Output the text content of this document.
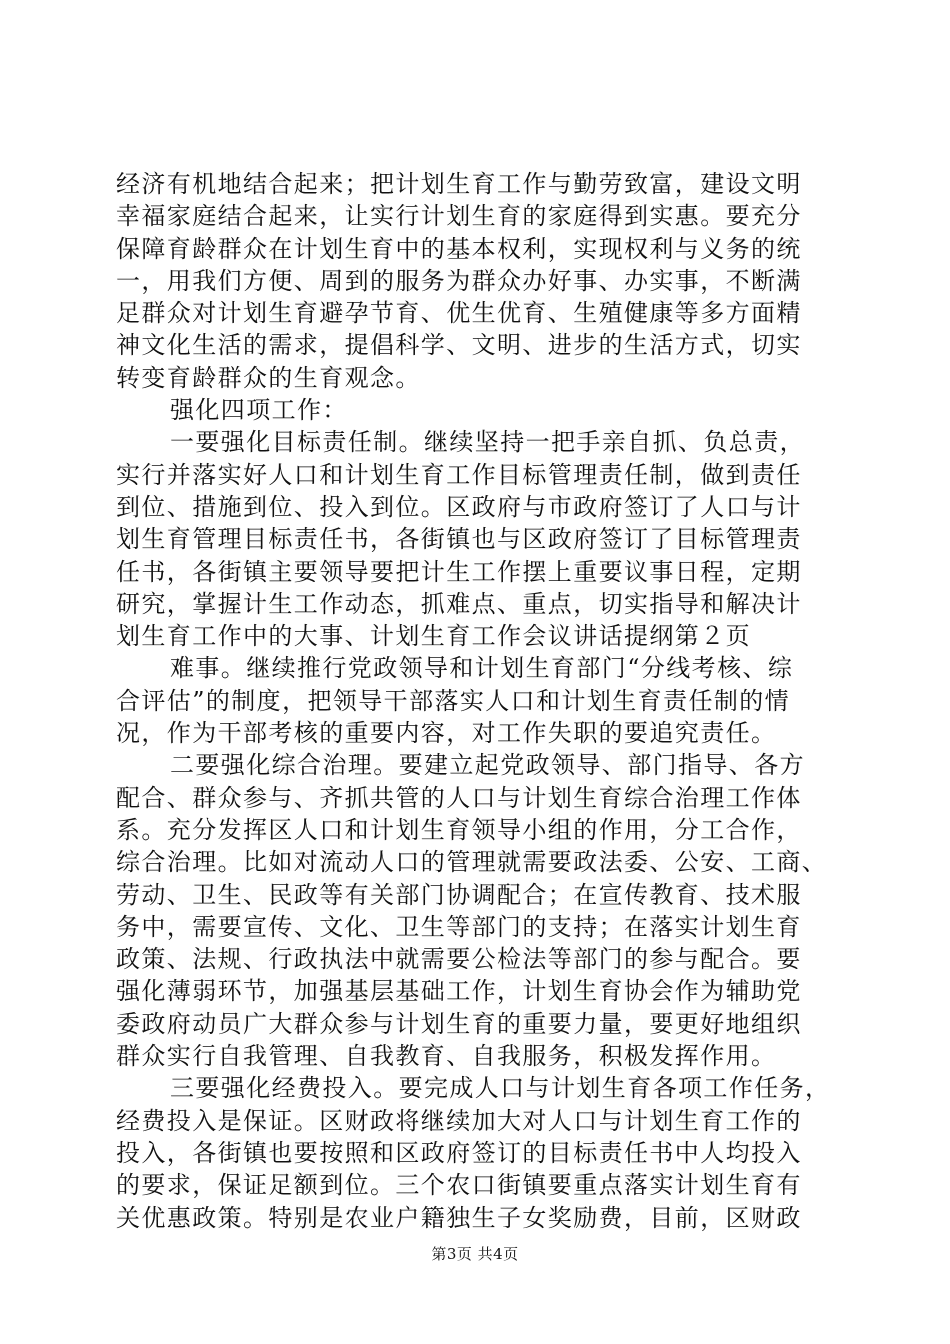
经济有机地结合起来；把计划生育工作与勤劳致富，建设文明
幸福家庭结合起来，让实行计划生育的家庭得到实惠。要充分
保障育龄群众在计划生育中的基本权利，实现权利与义务的统
一，用我们方便、周到的服务为群众办好事、办实事，不断满
足群众对计划生育避孕节育、优生优育、生殖健康等多方面精
神文化生活的需求，提倡科学、文明、进步的生活方式，切实
转变育龄群众的生育观念。
强化四项工作：
一要强化目标责任制。继续坚持一把手亲自抓、负总责，
实行并落实好人口和计划生育工作目标管理责任制，做到责任
到位、措施到位、投入到位。区政府与市政府签订了人口与计
划生育管理目标责任书，各街镇也与区政府签订了目标管理责
任书，各街镇主要领导要把计生工作摆上重要议事日程，定期
研究，掌握计生工作动态，抓难点、重点，切实指导和解决计
划生育工作中的大事、计划生育工作会议讲话提纲第２页
难事。继续推行党政领导和计划生育部门“分线考核、综
合评估”的制度，把领导干部落实人口和计划生育责任制的情
况，作为干部考核的重要内容，对工作失职的要追究责任。
二要强化综合治理。要建立起党政领导、部门指导、各方
配合、群众参与、齐抓共管的人口与计划生育综合治理工作体
系。充分发挥区人口和计划生育领导小组的作用，分工合作，
综合治理。比如对流动人口的管理就需要政法委、公安、工商、
劳动、卫生、民政等有关部门协调配合；在宣传教育、技术服
务中，需要宣传、文化、卫生等部门的支持；在落实计划生育
政策、法规、行政执法中就需要公检法等部门的参与配合。要
强化薄弱环节，加强基层基础工作，计划生育协会作为辅助党
委政府动员广大群众参与计划生育的重要力量，要更好地组织
群众实行自我管理、自我教育、自我服务，积极发挥作用。
三要强化经费投入。要完成人口与计划生育各项工作任务，
经费投入是保证。区财政将继续加大对人口与计划生育工作的
投入，各街镇也要按照和区政府签订的目标责任书中人均投入
的要求，保证足额到位。三个农口街镇要重点落实计划生育有
关优惠政策。特别是农业户籍独生子女奖励费，目前，区财政
第3页 共4页
